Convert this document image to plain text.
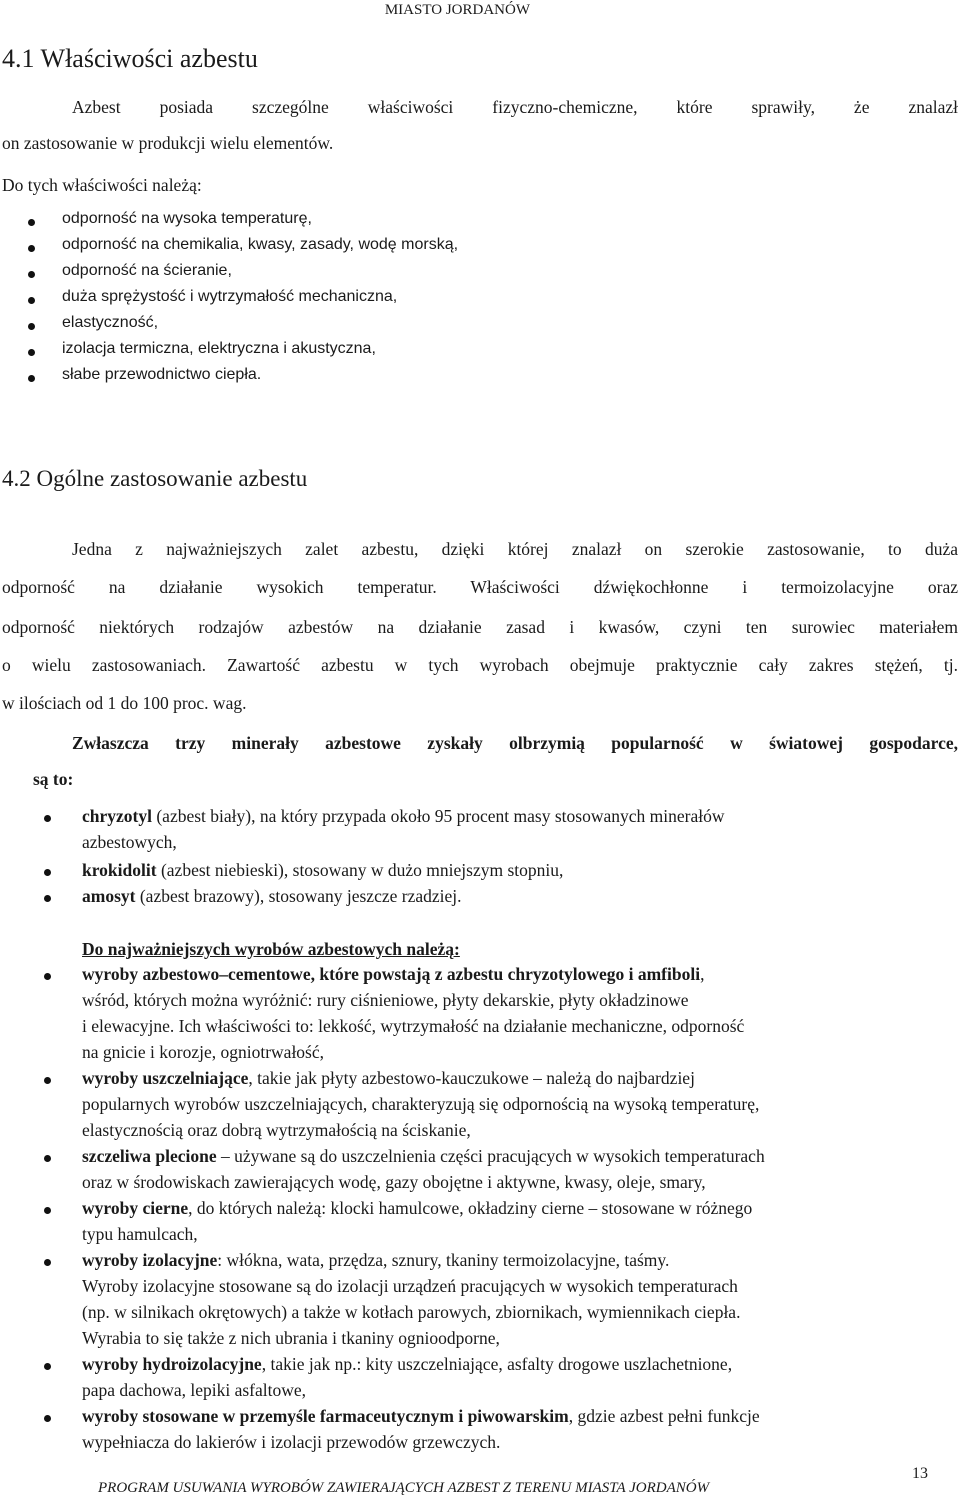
MIASTO JORDANÓW
4.1 Właściwości azbestu
Azbest posiada szczególne właściwości fizyczno-chemiczne, które sprawiły, że znalazł
on zastosowanie w produkcji wielu elementów.
Do tych właściwości należą:
odporność na wysoka temperaturę,
odporność na chemikalia, kwasy, zasady, wodę morską,
odporność na ścieranie,
duża sprężystość i wytrzymałość mechaniczna,
elastyczność,
izolacja termiczna, elektryczna i akustyczna,
słabe przewodnictwo ciepła.
4.2 Ogólne zastosowanie azbestu
Jedna z najważniejszych zalet azbestu, dzięki której znalazł on szerokie zastosowanie, to duża
odporność na działanie wysokich temperatur. Właściwości dźwiękochłonne i termoizolacyjne oraz
odporność niektórych rodzajów azbestów na działanie zasad i kwasów, czyni ten surowiec materiałem
o wielu zastosowaniach. Zawartość azbestu w tych wyrobach obejmuje praktycznie cały zakres stężeń, tj.
w ilościach od 1 do 100 proc. wag.
Zwłaszcza trzy minerały azbestowe zyskały olbrzymią popularność w światowej gospodarce,
są to:
chryzotyl (azbest biały), na który przypada około 95 procent masy stosowanych minerałów
azbestowych,
krokidolit (azbest niebieski), stosowany w dużo mniejszym stopniu,
amosyt (azbest brazowy), stosowany jeszcze rzadziej.
Do najważniejszych wyrobów azbestowych należą:
wyroby azbestowo–cementowe, które powstają z azbestu chryzotylowego i amfiboli,
wśród, których można wyróżnić: rury ciśnieniowe, płyty dekarskie, płyty okładzinowe
i elewacyjne. Ich właściwości to: lekkość, wytrzymałość na działanie mechaniczne, odporność
na gnicie i korozje, ogniotrwałość,
wyroby uszczelniające, takie jak płyty azbestowo-kauczukowe – należą do najbardziej
popularnych wyrobów uszczelniających, charakteryzują się odpornością na wysoką temperaturę,
elastycznością oraz dobrą wytrzymałością na ściskanie,
szczeliwa plecione – używane są do uszczelnienia części pracujących w wysokich temperaturach
oraz w środowiskach zawierających wodę, gazy obojętne i aktywne, kwasy, oleje, smary,
wyroby cierne, do których należą: klocki hamulcowe, okładziny cierne – stosowane w różnego
typu hamulcach,
wyroby izolacyjne: włókna, wata, przędza, sznury, tkaniny termoizolacyjne, taśmy.
Wyroby izolacyjne stosowane są do izolacji urządzeń pracujących w wysokich temperaturach
(np. w silnikach okrętowych) a także w kotłach parowych, zbiornikach, wymiennikach ciepła.
Wyrabia to się także z nich ubrania i tkaniny ognioodporne,
wyroby hydroizolacyjne, takie jak np.: kity uszczelniające, asfalty drogowe uszlachetnione,
papa dachowa, lepiki asfaltowe,
wyroby stosowane w przemyśle farmaceutycznym i piwowarskim, gdzie azbest pełni funkcje
wypełniacza do lakierów i izolacji przewodów grzewczych.
13
PROGRAM USUWANIA WYROBÓW ZAWIERAJĄCYCH AZBEST Z TERENU MIASTA JORDANÓW
